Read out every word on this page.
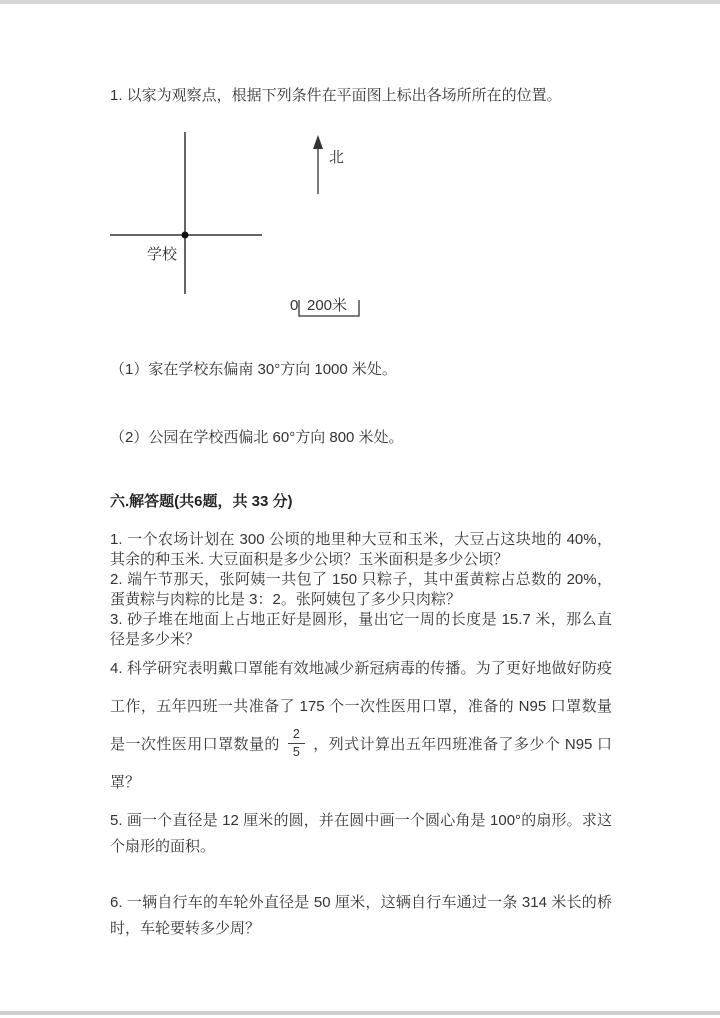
1. 以家为观察点，根据下列条件在平面图上标出各场所所在的位置。

学校
北
0 200米

（1）家在学校东偏南 30°方向 1000 米处。

（2）公园在学校西偏北 60°方向 800 米处。

六.解答题(共6题，共 33 分)

1. 一个农场计划在 300 公顷的地里种大豆和玉米，大豆占这块地的 40%，其余的种玉米. 大豆面积是多少公顷？玉米面积是多少公顷？

2. 端午节那天，张阿姨一共包了 150 只粽子，其中蛋黄粽占总数的 20%，蛋黄粽与肉粽的比是 3：2。张阿姨包了多少只肉粽？

3. 砂子堆在地面上占地正好是圆形，量出它一周的长度是 15.7 米，那么直径是多少米？

4. 科学研究表明戴口罩能有效地减少新冠病毒的传播。为了更好地做好防疫工作，五年四班一共准备了 175 个一次性医用口罩，准备的 N95 口罩数量是一次性医用口罩数量的 $\frac{2}{5}$ ，列式计算出五年四班准备了多少个 N95 口罩？

5. 画一个直径是 12 厘米的圆，并在圆中画一个圆心角是 100°的扇形。求这个扇形的面积。

6. 一辆自行车的车轮外直径是 50 厘米，这辆自行车通过一条 314 米长的桥时，车轮要转多少周？
